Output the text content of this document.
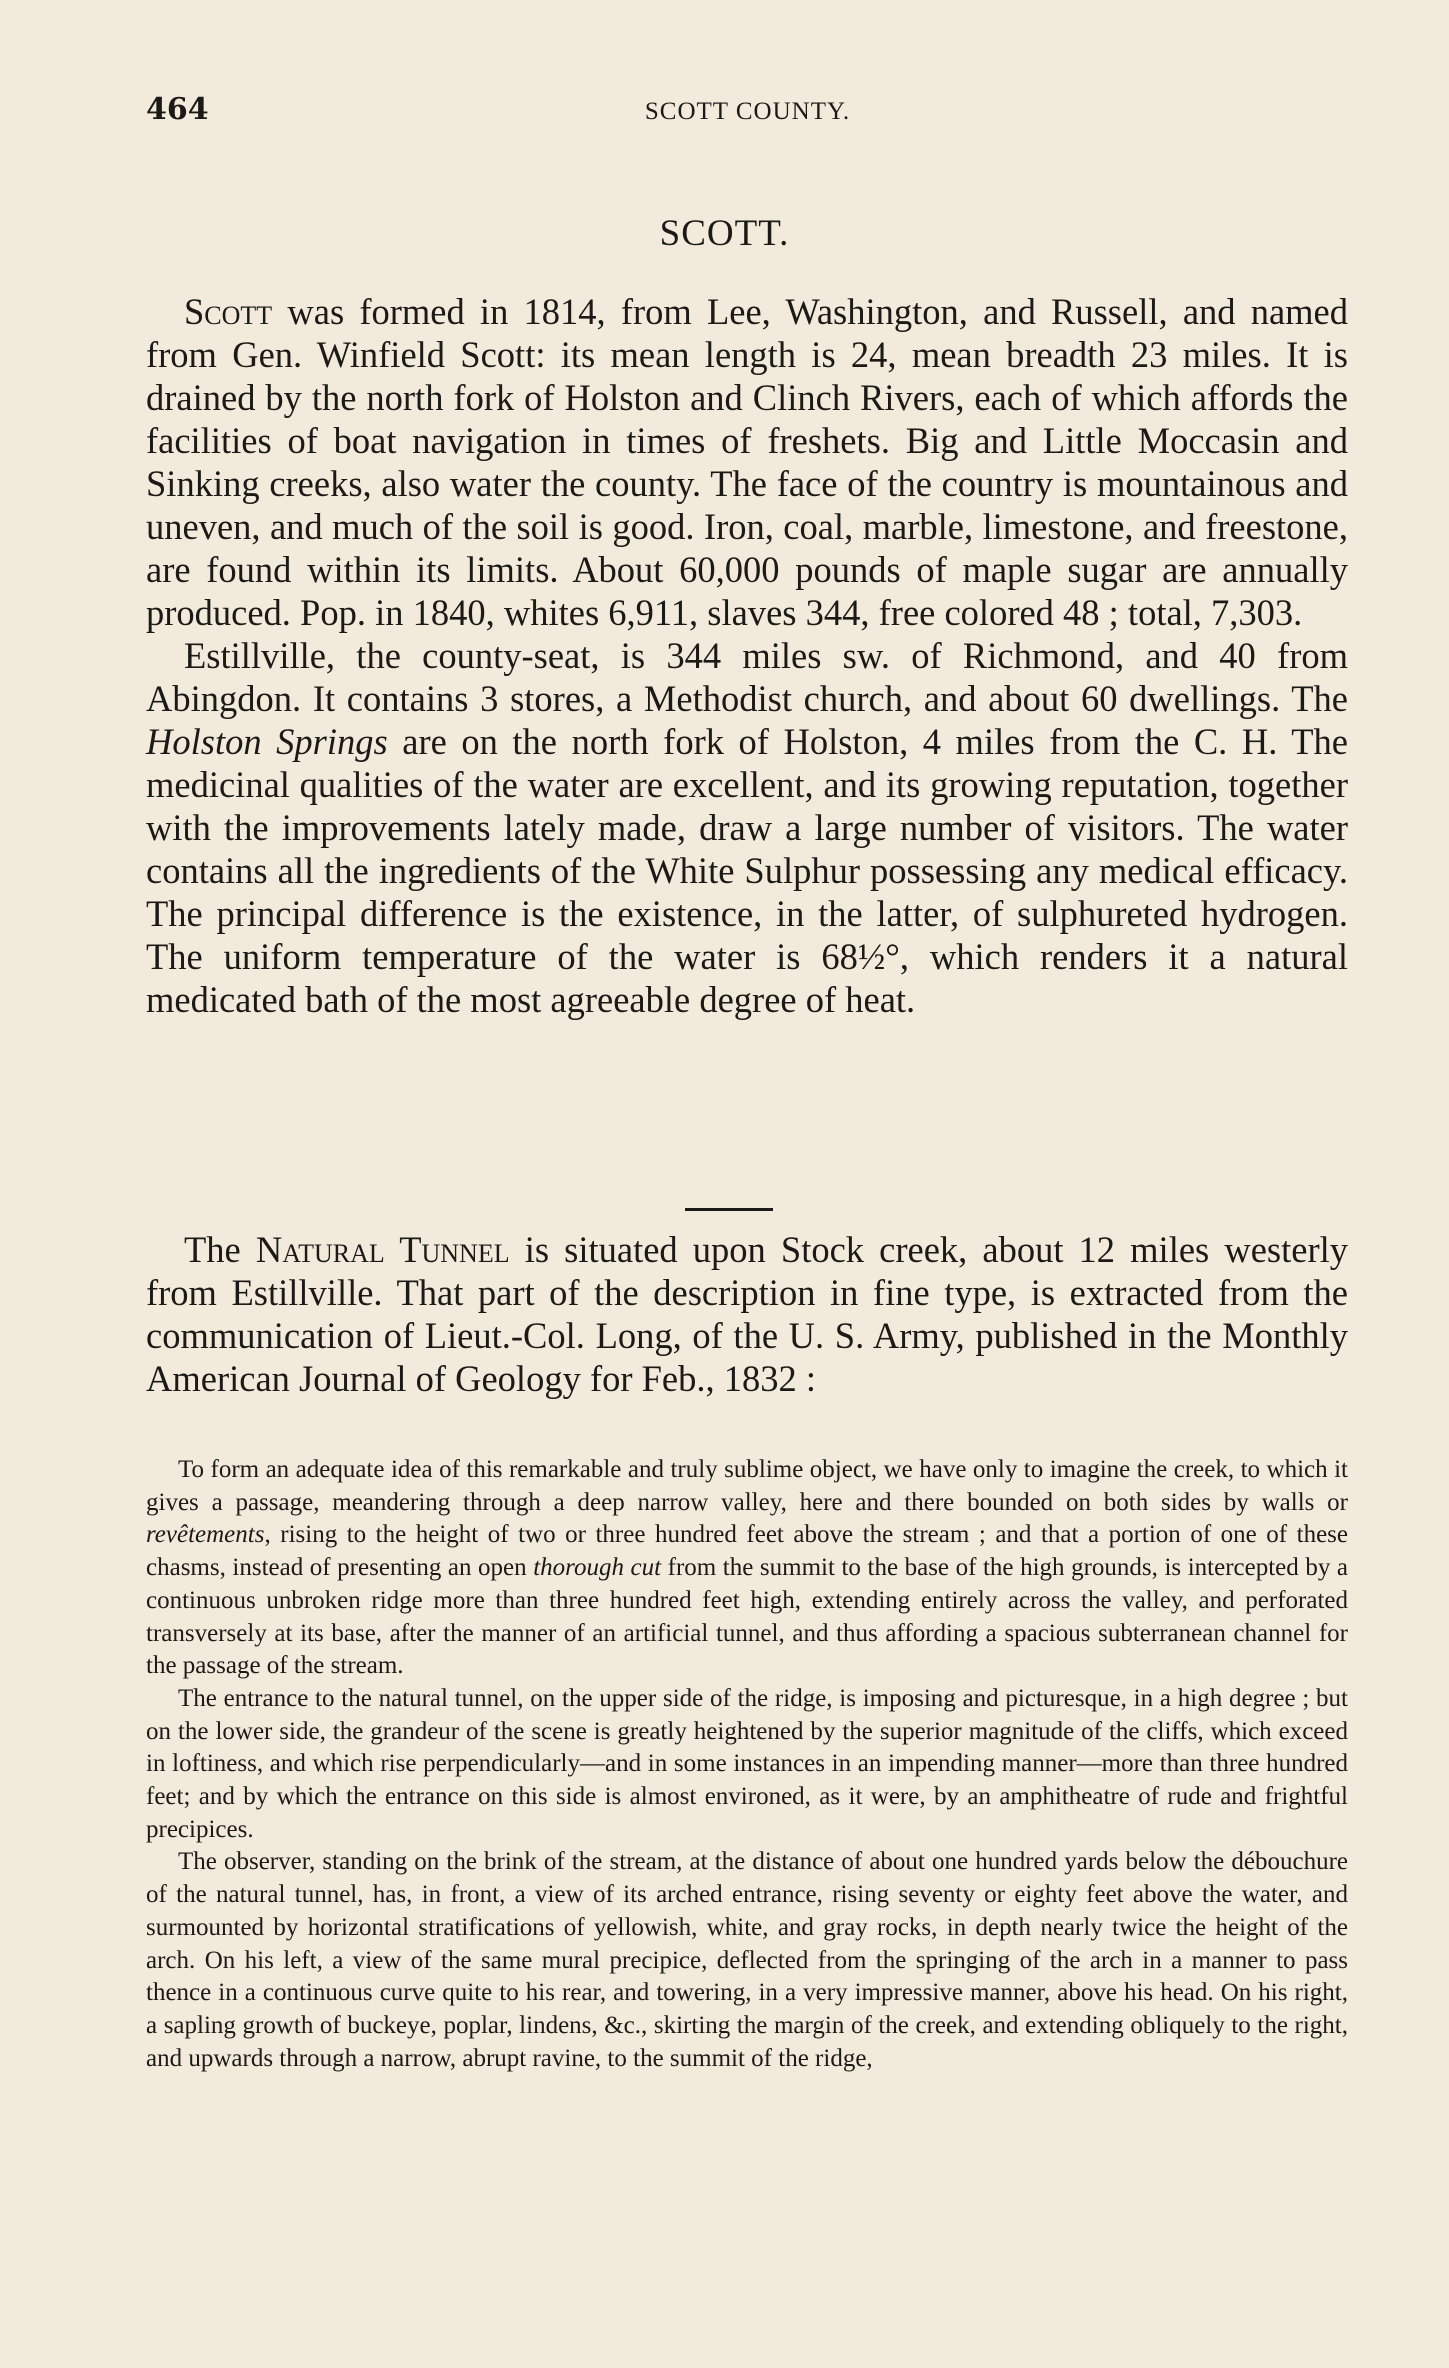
464	SCOTT COUNTY.
SCOTT.

Scott was formed in 1814, from Lee, Washington, and Russell, and named from Gen. Winfield Scott: its mean length is 24, mean breadth 23 miles. It is drained by the north fork of Holston and Clinch Rivers, each of which affords the facilities of boat navigation in times of freshets. Big and Little Moccasin and Sinking creeks, also water the county. The face of the country is mountainous and uneven, and much of the soil is good. Iron, coal, marble, limestone, and freestone, are found within its limits. About 60,000 pounds of maple sugar are annually produced. Pop. in 1840, whites 6,911, slaves 344, free colored 48 ; total, 7,303.

Estillville, the county-seat, is 344 miles sw. of Richmond, and 40 from Abingdon. It contains 3 stores, a Methodist church, and about 60 dwellings. The Holston Springs are on the north fork of Holston, 4 miles from the C. H. The medicinal qualities of the water are excellent, and its growing reputation, together with the improvements lately made, draw a large number of visitors. The water contains all the ingredients of the White Sulphur possessing any medical efficacy. The principal difference is the existence, in the latter, of sulphureted hydrogen. The uniform temperature of the water is 68½°, which renders it a natural medicated bath of the most agreeable degree of heat.

The Natural Tunnel is situated upon Stock creek, about 12 miles westerly from Estillville. That part of the description in fine type, is extracted from the communication of Lieut.-Col. Long, of the U. S. Army, published in the Monthly American Journal of Geology for Feb., 1832 :

To form an adequate idea of this remarkable and truly sublime object, we have only to imagine the creek, to which it gives a passage, meandering through a deep narrow valley, here and there bounded on both sides by walls or revêtements, rising to the height of two or three hundred feet above the stream ; and that a portion of one of these chasms, instead of presenting an open thorough cut from the summit to the base of the high grounds, is intercepted by a continuous unbroken ridge more than three hundred feet high, extending entirely across the valley, and perforated transversely at its base, after the manner of an artificial tunnel, and thus affording a spacious subterranean channel for the passage of the stream.

The entrance to the natural tunnel, on the upper side of the ridge, is imposing and picturesque, in a high degree ; but on the lower side, the grandeur of the scene is greatly heightened by the superior magnitude of the cliffs, which exceed in loftiness, and which rise perpendicularly—and in some instances in an impending manner—more than three hundred feet; and by which the entrance on this side is almost environed, as it were, by an amphitheatre of rude and frightful precipices.

The observer, standing on the brink of the stream, at the distance of about one hundred yards below the débouchure of the natural tunnel, has, in front, a view of its arched entrance, rising seventy or eighty feet above the water, and surmounted by horizontal stratifications of yellowish, white, and gray rocks, in depth nearly twice the height of the arch. On his left, a view of the same mural precipice, deflected from the springing of the arch in a manner to pass thence in a continuous curve quite to his rear, and towering, in a very impressive manner, above his head. On his right, a sapling growth of buckeye, poplar, lindens, &c., skirting the margin of the creek, and extending obliquely to the right, and upwards through a narrow, abrupt ravine, to the summit of the ridge,
